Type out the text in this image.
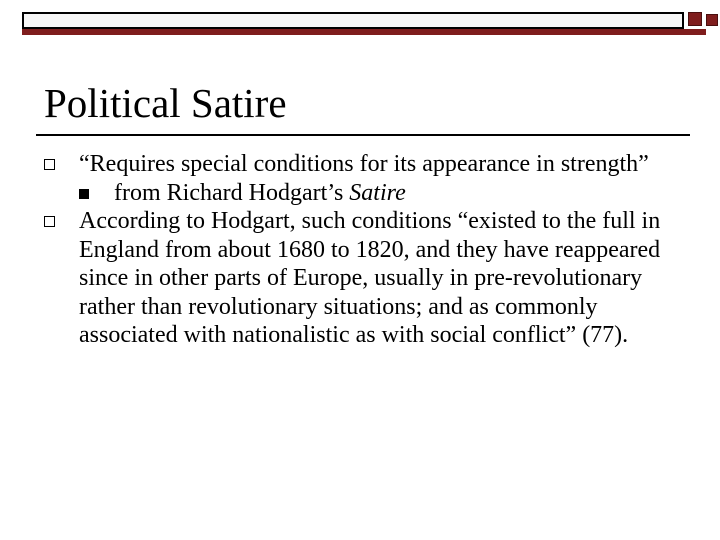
Political Satire
“Requires special conditions for its appearance in strength”
from Richard Hodgart’s Satire
According to Hodgart, such conditions “existed to the full in England from about 1680 to 1820, and they have reappeared since in other parts of Europe, usually in pre-revolutionary rather than revolutionary situations; and as commonly associated with nationalistic as with social conflict” (77).
